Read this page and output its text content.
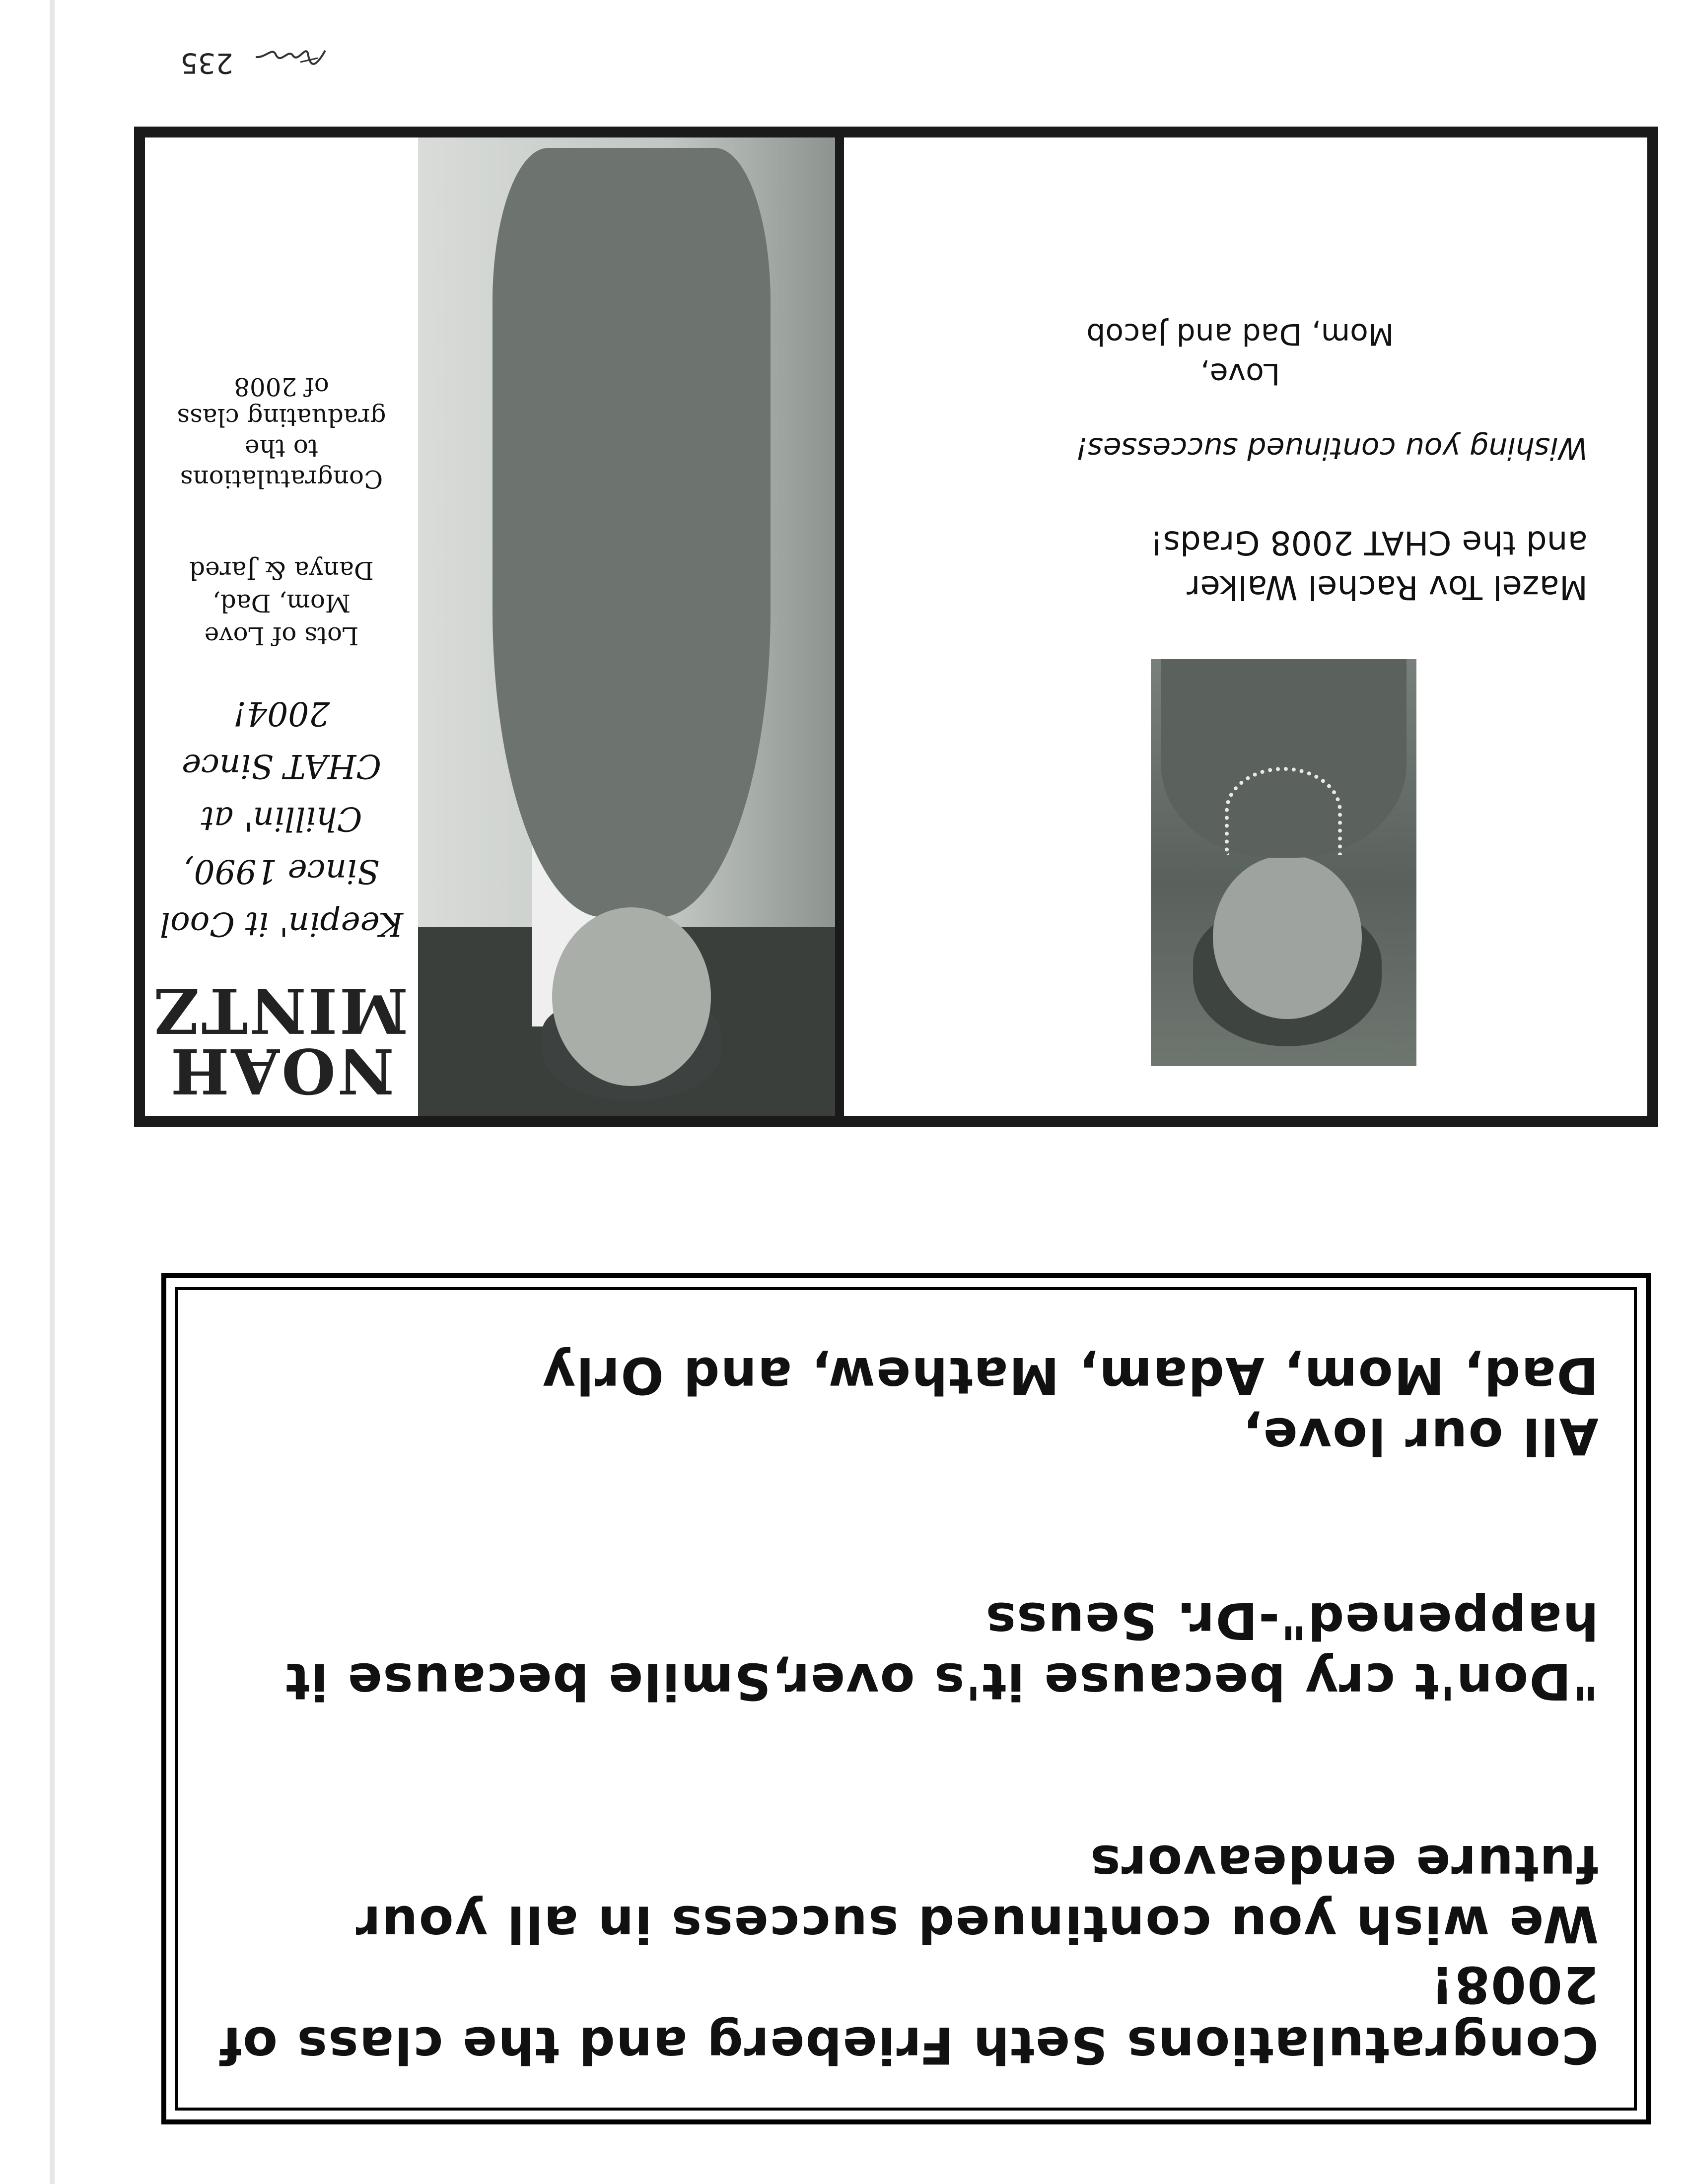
Congratulations Seth Frieberg and the class of 2008!

We wish you continued success in all your future endeavors

"Don't cry because it's over,Smile because it happened"-Dr. Seuss

All our love,

Dad, Mom, Adam, Mathew, and Orly

Mazel Tov Rachel Walker

and the CHAT 2008 Grads!

Wishing you continued successes!

Love,
Mom, Dad and Jacob

NOAH

MINTZ

Keepin' it Cool
Since 1990,
Chillin' at
CHAT Since
2004!
Lots of Love
Mom, Dad,
Danya & Jared
Congratulations
to the
graduating class
of 2008
235
